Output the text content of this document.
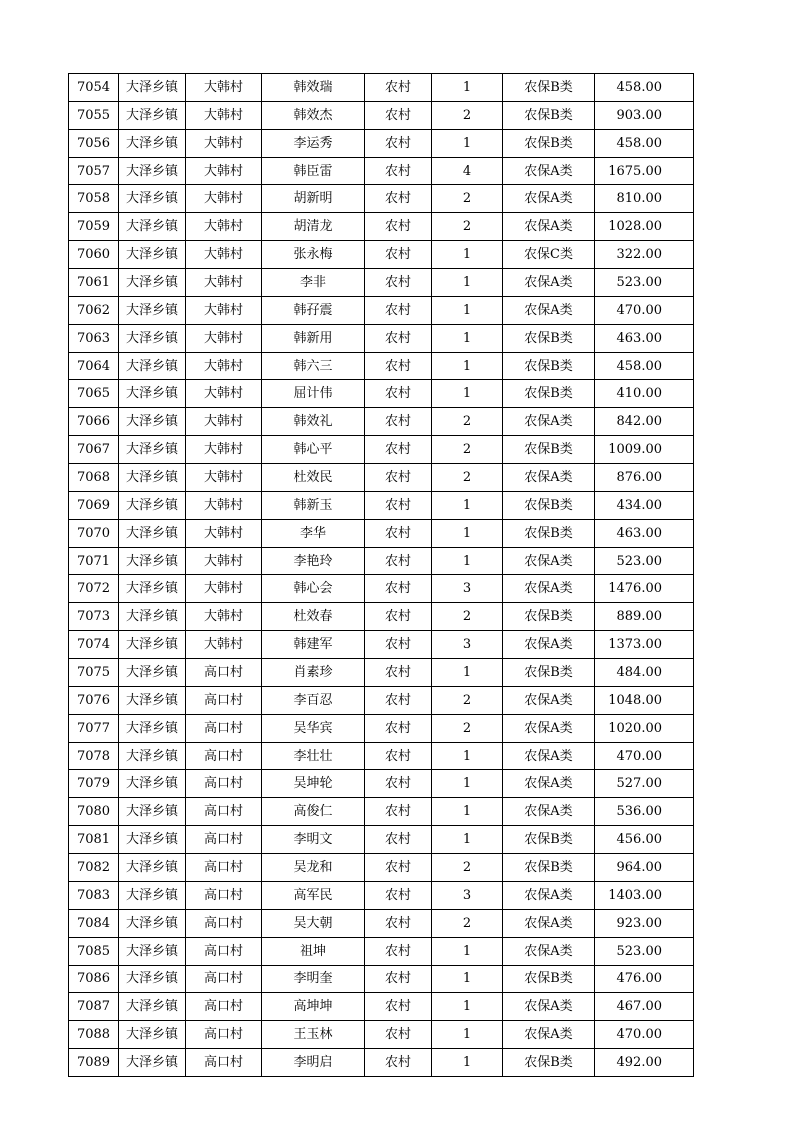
7054	大泽乡镇	大韩村	韩效瑞	农村	1	农保B类	458.00
7055	大泽乡镇	大韩村	韩效杰	农村	2	农保B类	903.00
7056	大泽乡镇	大韩村	李运秀	农村	1	农保B类	458.00
7057	大泽乡镇	大韩村	韩臣雷	农村	4	农保A类	1675.00
7058	大泽乡镇	大韩村	胡新明	农村	2	农保A类	810.00
7059	大泽乡镇	大韩村	胡清龙	农村	2	农保A类	1028.00
7060	大泽乡镇	大韩村	张永梅	农村	1	农保C类	322.00
7061	大泽乡镇	大韩村	李非	农村	1	农保A类	523.00
7062	大泽乡镇	大韩村	韩孖震	农村	1	农保A类	470.00
7063	大泽乡镇	大韩村	韩新用	农村	1	农保B类	463.00
7064	大泽乡镇	大韩村	韩六三	农村	1	农保B类	458.00
7065	大泽乡镇	大韩村	屈计伟	农村	1	农保B类	410.00
7066	大泽乡镇	大韩村	韩效礼	农村	2	农保A类	842.00
7067	大泽乡镇	大韩村	韩心平	农村	2	农保B类	1009.00
7068	大泽乡镇	大韩村	杜效民	农村	2	农保A类	876.00
7069	大泽乡镇	大韩村	韩新玉	农村	1	农保B类	434.00
7070	大泽乡镇	大韩村	李华	农村	1	农保B类	463.00
7071	大泽乡镇	大韩村	李艳玲	农村	1	农保A类	523.00
7072	大泽乡镇	大韩村	韩心会	农村	3	农保A类	1476.00
7073	大泽乡镇	大韩村	杜效春	农村	2	农保B类	889.00
7074	大泽乡镇	大韩村	韩建军	农村	3	农保A类	1373.00
7075	大泽乡镇	高口村	肖素珍	农村	1	农保B类	484.00
7076	大泽乡镇	高口村	李百忍	农村	2	农保A类	1048.00
7077	大泽乡镇	高口村	吴华宾	农村	2	农保A类	1020.00
7078	大泽乡镇	高口村	李壮壮	农村	1	农保A类	470.00
7079	大泽乡镇	高口村	吴坤轮	农村	1	农保A类	527.00
7080	大泽乡镇	高口村	高俊仁	农村	1	农保A类	536.00
7081	大泽乡镇	高口村	李明文	农村	1	农保B类	456.00
7082	大泽乡镇	高口村	吴龙和	农村	2	农保B类	964.00
7083	大泽乡镇	高口村	高军民	农村	3	农保A类	1403.00
7084	大泽乡镇	高口村	吴大朝	农村	2	农保A类	923.00
7085	大泽乡镇	高口村	祖坤	农村	1	农保A类	523.00
7086	大泽乡镇	高口村	李明奎	农村	1	农保B类	476.00
7087	大泽乡镇	高口村	高坤坤	农村	1	农保A类	467.00
7088	大泽乡镇	高口村	王玉林	农村	1	农保A类	470.00
7089	大泽乡镇	高口村	李明启	农村	1	农保B类	492.00
